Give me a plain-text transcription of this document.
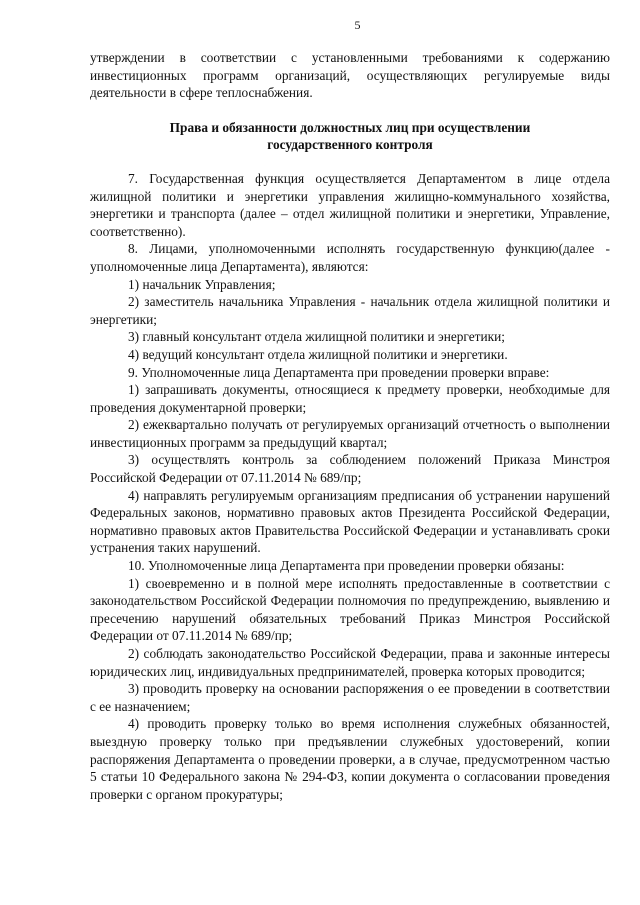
5

утверждении в соответствии с установленными требованиями к содержанию инвестиционных программ организаций, осуществляющих регулируемые виды деятельности в сфере теплоснабжения.

Права и обязанности должностных лиц при осуществлении
государственного контроля

7. Государственная функция осуществляется Департаментом в лице отдела жилищной политики и энергетики управления жилищно-коммунального хозяйства, энергетики и транспорта (далее – отдел жилищной политики и энергетики, Управление, соответственно).

8. Лицами, уполномоченными исполнять государственную функцию(далее - уполномоченные лица Департамента), являются:

1) начальник Управления;

2) заместитель начальника Управления - начальник отдела жилищной политики и энергетики;

3) главный консультант отдела жилищной политики и энергетики;

4) ведущий консультант отдела жилищной политики и энергетики.

9. Уполномоченные лица Департамента при проведении проверки вправе:

1) запрашивать документы, относящиеся к предмету проверки, необходимые для проведения документарной проверки;

2) ежеквартально получать от регулируемых организаций отчетность о выполнении инвестиционных программ за предыдущий квартал;

3) осуществлять контроль за соблюдением положений Приказа Минстроя Российской Федерации от 07.11.2014 № 689/пр;

4) направлять регулируемым организациям предписания об устранении нарушений Федеральных законов, нормативно правовых актов Президента Российской Федерации, нормативно правовых актов Правительства Российской Федерации и устанавливать сроки устранения таких нарушений.

10. Уполномоченные лица Департамента при проведении проверки обязаны:

1) своевременно и в полной мере исполнять предоставленные в соответствии с законодательством Российской Федерации полномочия по предупреждению, выявлению и пресечению нарушений обязательных требований Приказ Минстроя Российской Федерации от 07.11.2014 № 689/пр;

2) соблюдать законодательство Российской Федерации, права и законные интересы юридических лиц, индивидуальных предпринимателей, проверка которых проводится;

3) проводить проверку на основании распоряжения о ее проведении в соответствии с ее назначением;

4) проводить проверку только во время исполнения служебных обязанностей, выездную проверку только при предъявлении служебных удостоверений, копии распоряжения Департамента о проведении проверки, а в случае, предусмотренном частью 5 статьи 10 Федерального закона № 294-ФЗ, копии документа о согласовании проведения проверки с органом прокуратуры;
